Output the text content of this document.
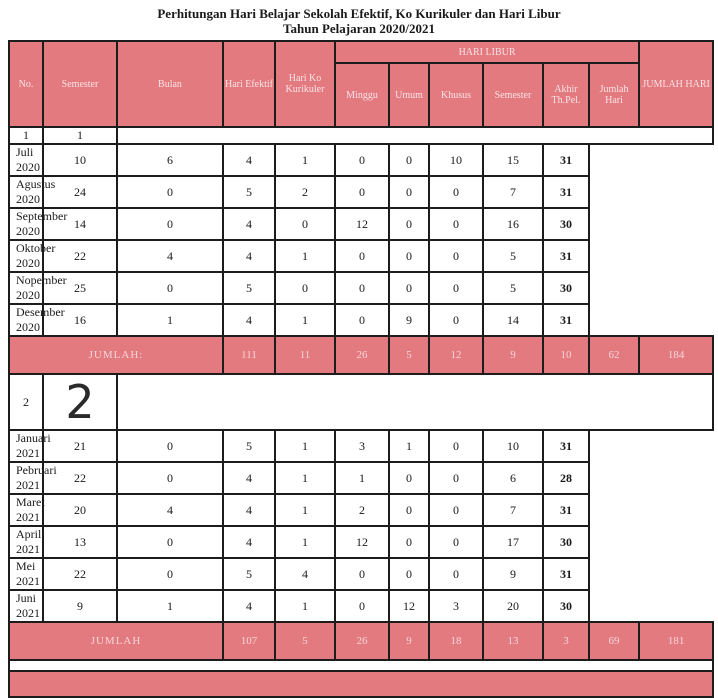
Perhitungan Hari Belajar Sekolah Efektif, Ko Kurikuler dan Hari Libur
Tahun Pelajaran 2020/2021
No.	Semester	Bulan	Hari Efektif	Hari Ko Kurikuler	HARI LIBUR						JUMLAH HARI
					Minggu	Umum	Khusus	Semester	Akhir Th.Pel.	Jumlah Hari	
1	1										
Juli 2020	10	6	4	1	0	0	10	15	31		
Agustus 2020	24	0	5	2	0	0	0	7	31		
September 2020	14	0	4	0	12	0	0	16	30		
Oktober 2020	22	4	4	1	0	0	0	5	31		
Nopember 2020	25	0	5	0	0	0	0	5	30		
Desember 2020	16	1	4	1	0	9	0	14	31		
JUMLAH:			111	11	26	5	12	9	10	62	184
2	2										
Januari 2021	21	0	5	1	3	1	0	10	31		
Pebruari 2021	22	0	4	1	1	0	0	6	28		
Maret 2021	20	4	4	1	2	0	0	7	31		
April 2021	13	0	4	1	12	0	0	17	30		
Mei 2021	22	0	5	4	0	0	0	9	31		
Juni 2021	9	1	4	1	0	12	3	20	30		
JUMLAH			107	5	26	9	18	13	3	69	181
